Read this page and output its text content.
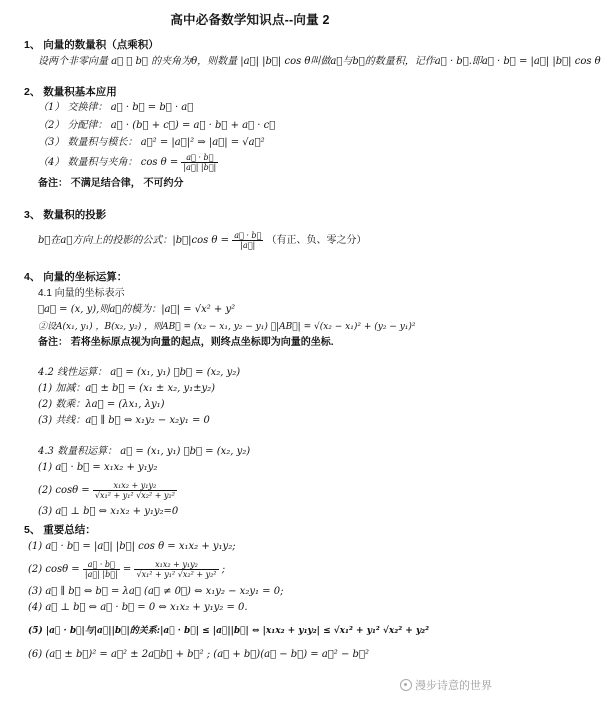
高中必备数学知识点--向量 2
1、 向量的数量积（点乘积）
设两个非零向量 a⃗ ， b⃗ 的夹角为θ，则数量 |a⃗| |b⃗| cos θ叫做a⃗与b⃗的数量积，记作a⃗ · b⃗.即a⃗ · b⃗ = |a⃗| |b⃗| cos θ
2、 数量积基本应用
（1） 交换律： a⃗ · b⃗ = b⃗ · a⃗
（2） 分配律： a⃗ · (b⃗ + c⃗) = a⃗ · b⃗ + a⃗ · c⃗
（3） 数量积与模长： a⃗² = |a⃗|² ⇒ |a⃗| = √a⃗²
（4） 数量积与夹角： $\cos \theta = \frac{a⃗ \cdot b⃗}{|a⃗| |b⃗|}$
备注： 不满足结合律， 不可约分
3、 数量积的投影
b⃗在a⃗方向上的投影的公式：|b⃗|cos $\theta = \frac{a⃗ \cdot b⃗}{|a⃗|}$ （有正、负、零之分）
4、 向量的坐标运算：
4.1 向量的坐标表示
①a⃗ = (x, y),则a⃗的模为：|a⃗| = √x² + y²
②设A(x₁, y₁) ，B(x₂, y₂) ，则AB⃗ = (x₂ − x₁, y₂ − y₁) ，|AB⃗| = √(x₂ − x₁)² + (y₂ − y₁)²
备注： 若将坐标原点视为向量的起点，则终点坐标即为向量的坐标.
4.2 线性运算： a⃗ = (x₁, y₁) ，b⃗ = (x₂, y₂)
(1) 加减：a⃗ ± b⃗ = (x₁ ± x₂, y₁±y₂)
(2) 数乘：λa⃗ = (λx₁, λy₁)
(3) 共线：a⃗ ∥ b⃗ ⇔ x₁y₂ − x₂y₁ = 0
4.3 数量积运算： a⃗ = (x₁, y₁) ，b⃗ = (x₂, y₂)
(1) a⃗ · b⃗ = x₁x₂ + y₁y₂
(2) $\cos\theta = \frac{\text{x₁x₂ + y₁y₂}}{\text{√x₁² + y₁² √x₂² + y₂²}}$
(3) a⃗ ⊥ b⃗ ⇔ x₁x₂ + y₁y₂=0
5、 重要总结：
(1) a⃗ · b⃗ = |a⃗| |b⃗| cos θ = x₁x₂ + y₁y₂;
(2) $\cos\theta = \frac{a⃗ \cdot b⃗}{|a⃗| |b⃗|} = \frac{\text{x₁x₂ + y₁y₂}}{\text{√x₁² + y₁² √x₂² + y₂²}}$ ;
(3) a⃗ ∥ b⃗ ⇔ b⃗ = λa⃗ (a⃗ ≠ 0⃗) ⇔ x₁y₂ − x₂y₁ = 0;
(4) a⃗ ⊥ b⃗ ⇔ a⃗ · b⃗ = 0 ⇔ x₁x₂ + y₁y₂ = 0.
(5) |a⃗ · b⃗|与|a⃗||b⃗|的关系:|a⃗ · b⃗| ≤ |a⃗||b⃗| ⇔ |x₁x₂ + y₁y₂| ≤ √x₁² + y₁² √x₂² + y₂²
(6) (a⃗ ± b⃗)² = a⃗² ± 2a⃗b⃗ + b⃗² ; (a⃗ + b⃗)(a⃗ − b⃗) = a⃗² − b⃗²
漫步诗意的世界
